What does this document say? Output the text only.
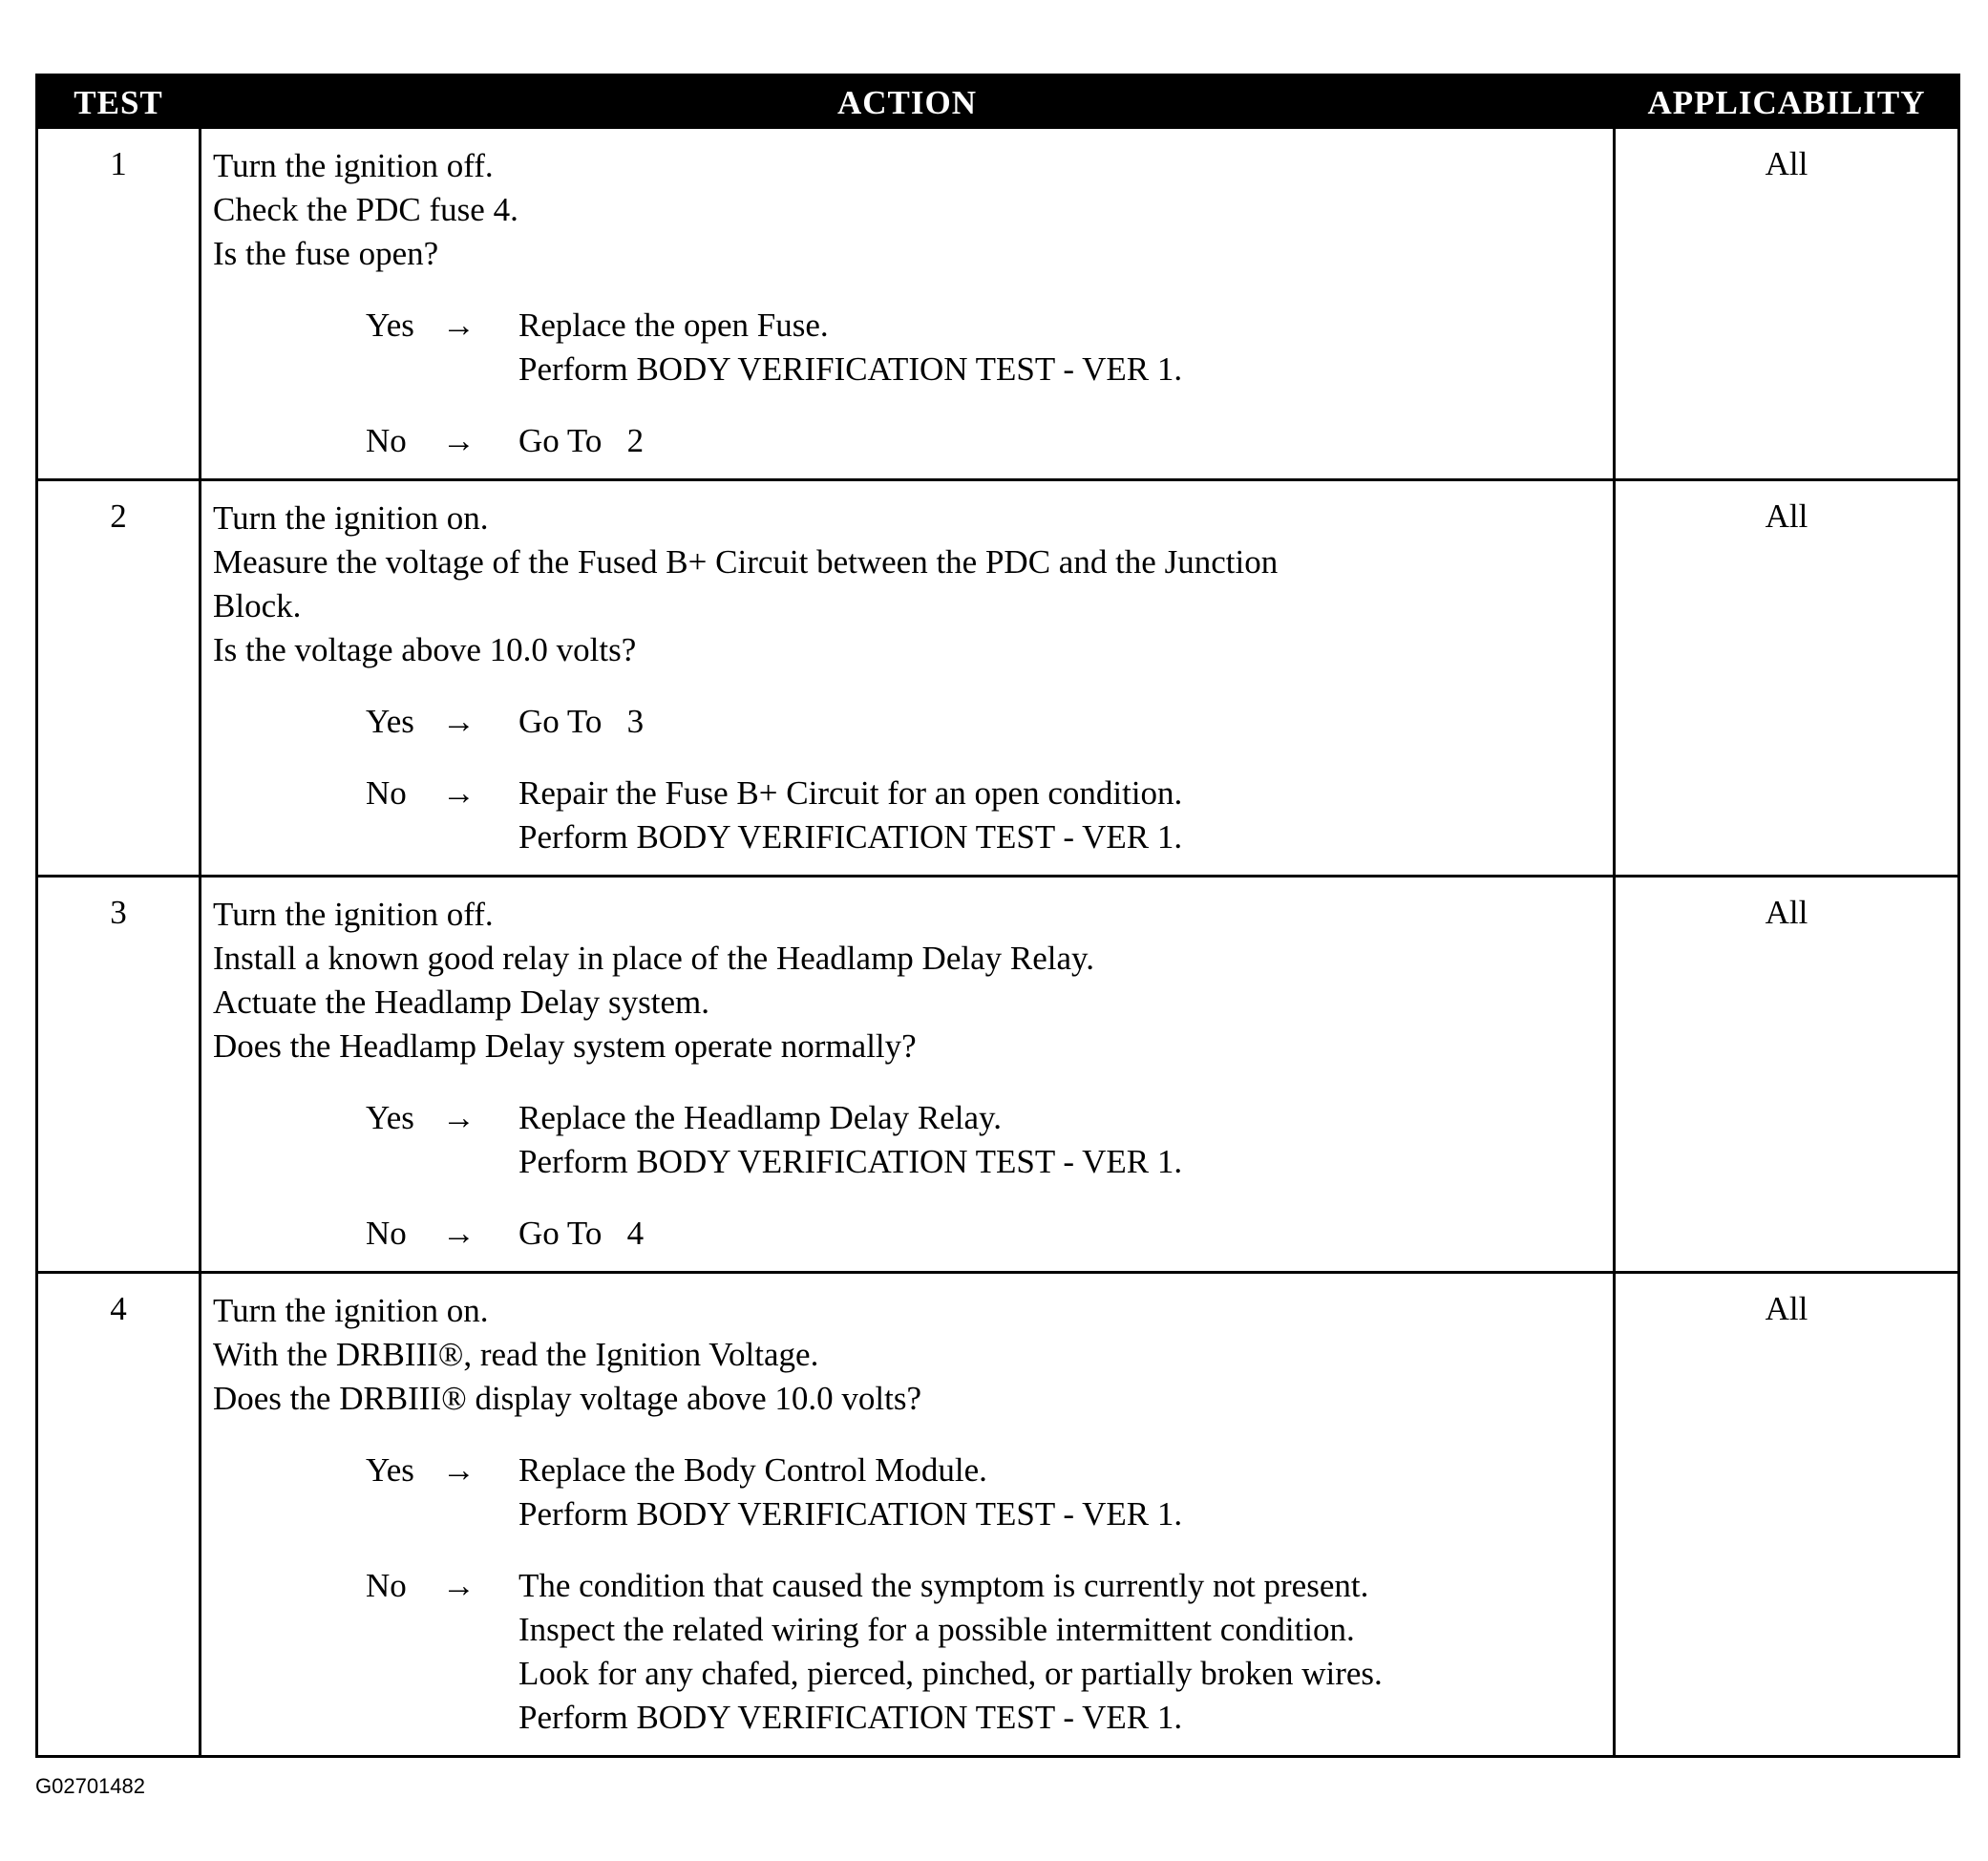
TEST	ACTION	APPLICABILITY
1	Turn the ignition off.
Check the PDC fuse 4.
Is the fuse open?
Yes →	Replace the open Fuse.
Perform BODY VERIFICATION TEST - VER 1.
No	→	Go To   2
All
2	Turn the ignition on.
Measure the voltage of the Fused B+ Circuit between the PDC and the Junction
Block.
Is the voltage above 10.0 volts?
Yes →	Go To   3
No	→	Repair the Fuse B+ Circuit for an open condition.
Perform BODY VERIFICATION TEST - VER 1.
All
3	Turn the ignition off.
Install a known good relay in place of the Headlamp Delay Relay.
Actuate the Headlamp Delay system.
Does the Headlamp Delay system operate normally?
Yes →	Replace the Headlamp Delay Relay.
Perform BODY VERIFICATION TEST - VER 1.
No	→	Go To   4
All
4	Turn the ignition on.
With the DRBIII®, read the Ignition Voltage.
Does the DRBIII® display voltage above 10.0 volts?
Yes →	Replace the Body Control Module.
Perform BODY VERIFICATION TEST - VER 1.
No	→	The condition that caused the symptom is currently not present.
Inspect the related wiring for a possible intermittent condition.
Look for any chafed, pierced, pinched, or partially broken wires.
Perform BODY VERIFICATION TEST - VER 1.
All
G02701482
